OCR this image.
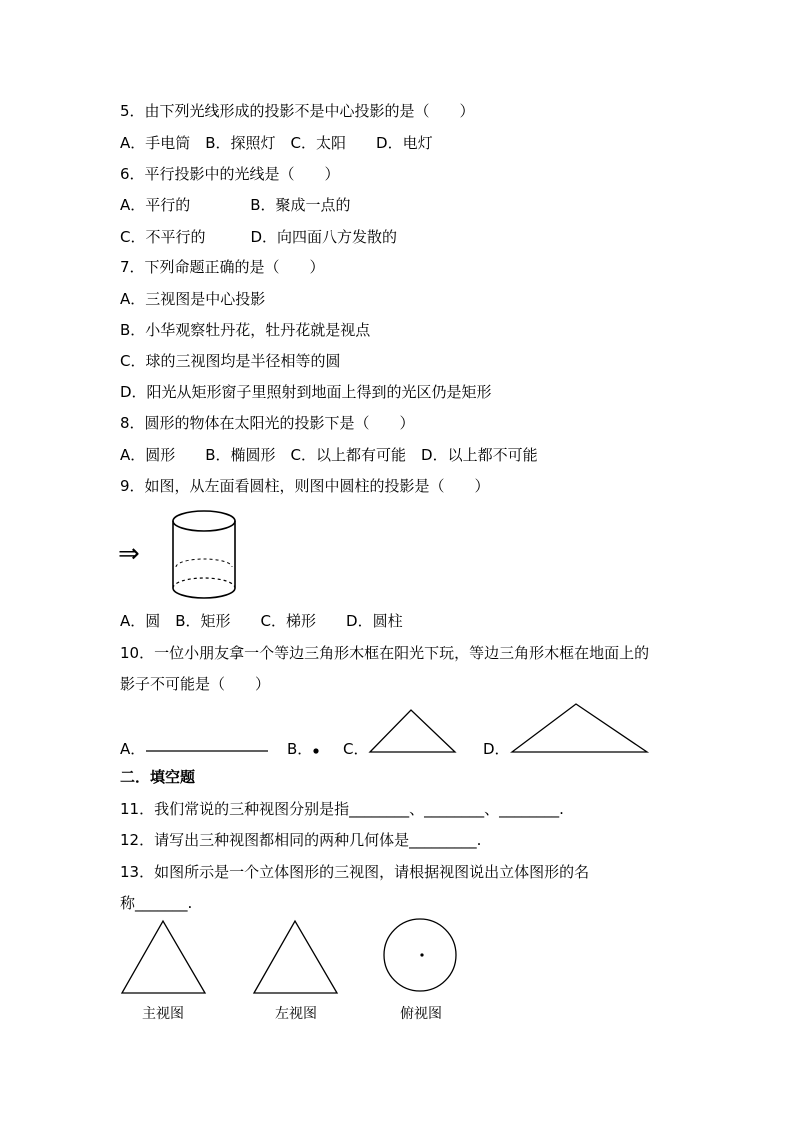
5．由下列光线形成的投影不是中心投影的是（　　）
A．手电筒　B．探照灯　C．太阳　　D．电灯
6．平行投影中的光线是（　　）
A．平行的　　　　B．聚成一点的
C．不平行的　　　D．向四面八方发散的
7．下列命题正确的是（　　）
A．三视图是中心投影
B．小华观察牡丹花，牡丹花就是视点
C．球的三视图均是半径相等的圆
D．阳光从矩形窗子里照射到地面上得到的光区仍是矩形
8．圆形的物体在太阳光的投影下是（　　）
A．圆形　　B．椭圆形　C．以上都有可能　D．以上都不可能
9．如图，从左面看圆柱，则图中圆柱的投影是（　　）
⇒
A．圆　B．矩形　　C．梯形　　D．圆柱
10．一位小朋友拿一个等边三角形木框在阳光下玩，等边三角形木框在地面上的
影子不可能是（　　）
A．	B． C．	D．
二．填空题
11．我们常说的三种视图分别是指________、________、________.
12．请写出三种视图都相同的两种几何体是_________.
13．如图所示是一个立体图形的三视图，请根据视图说出立体图形的名
称_______.
主视图	左视图	俯视图
